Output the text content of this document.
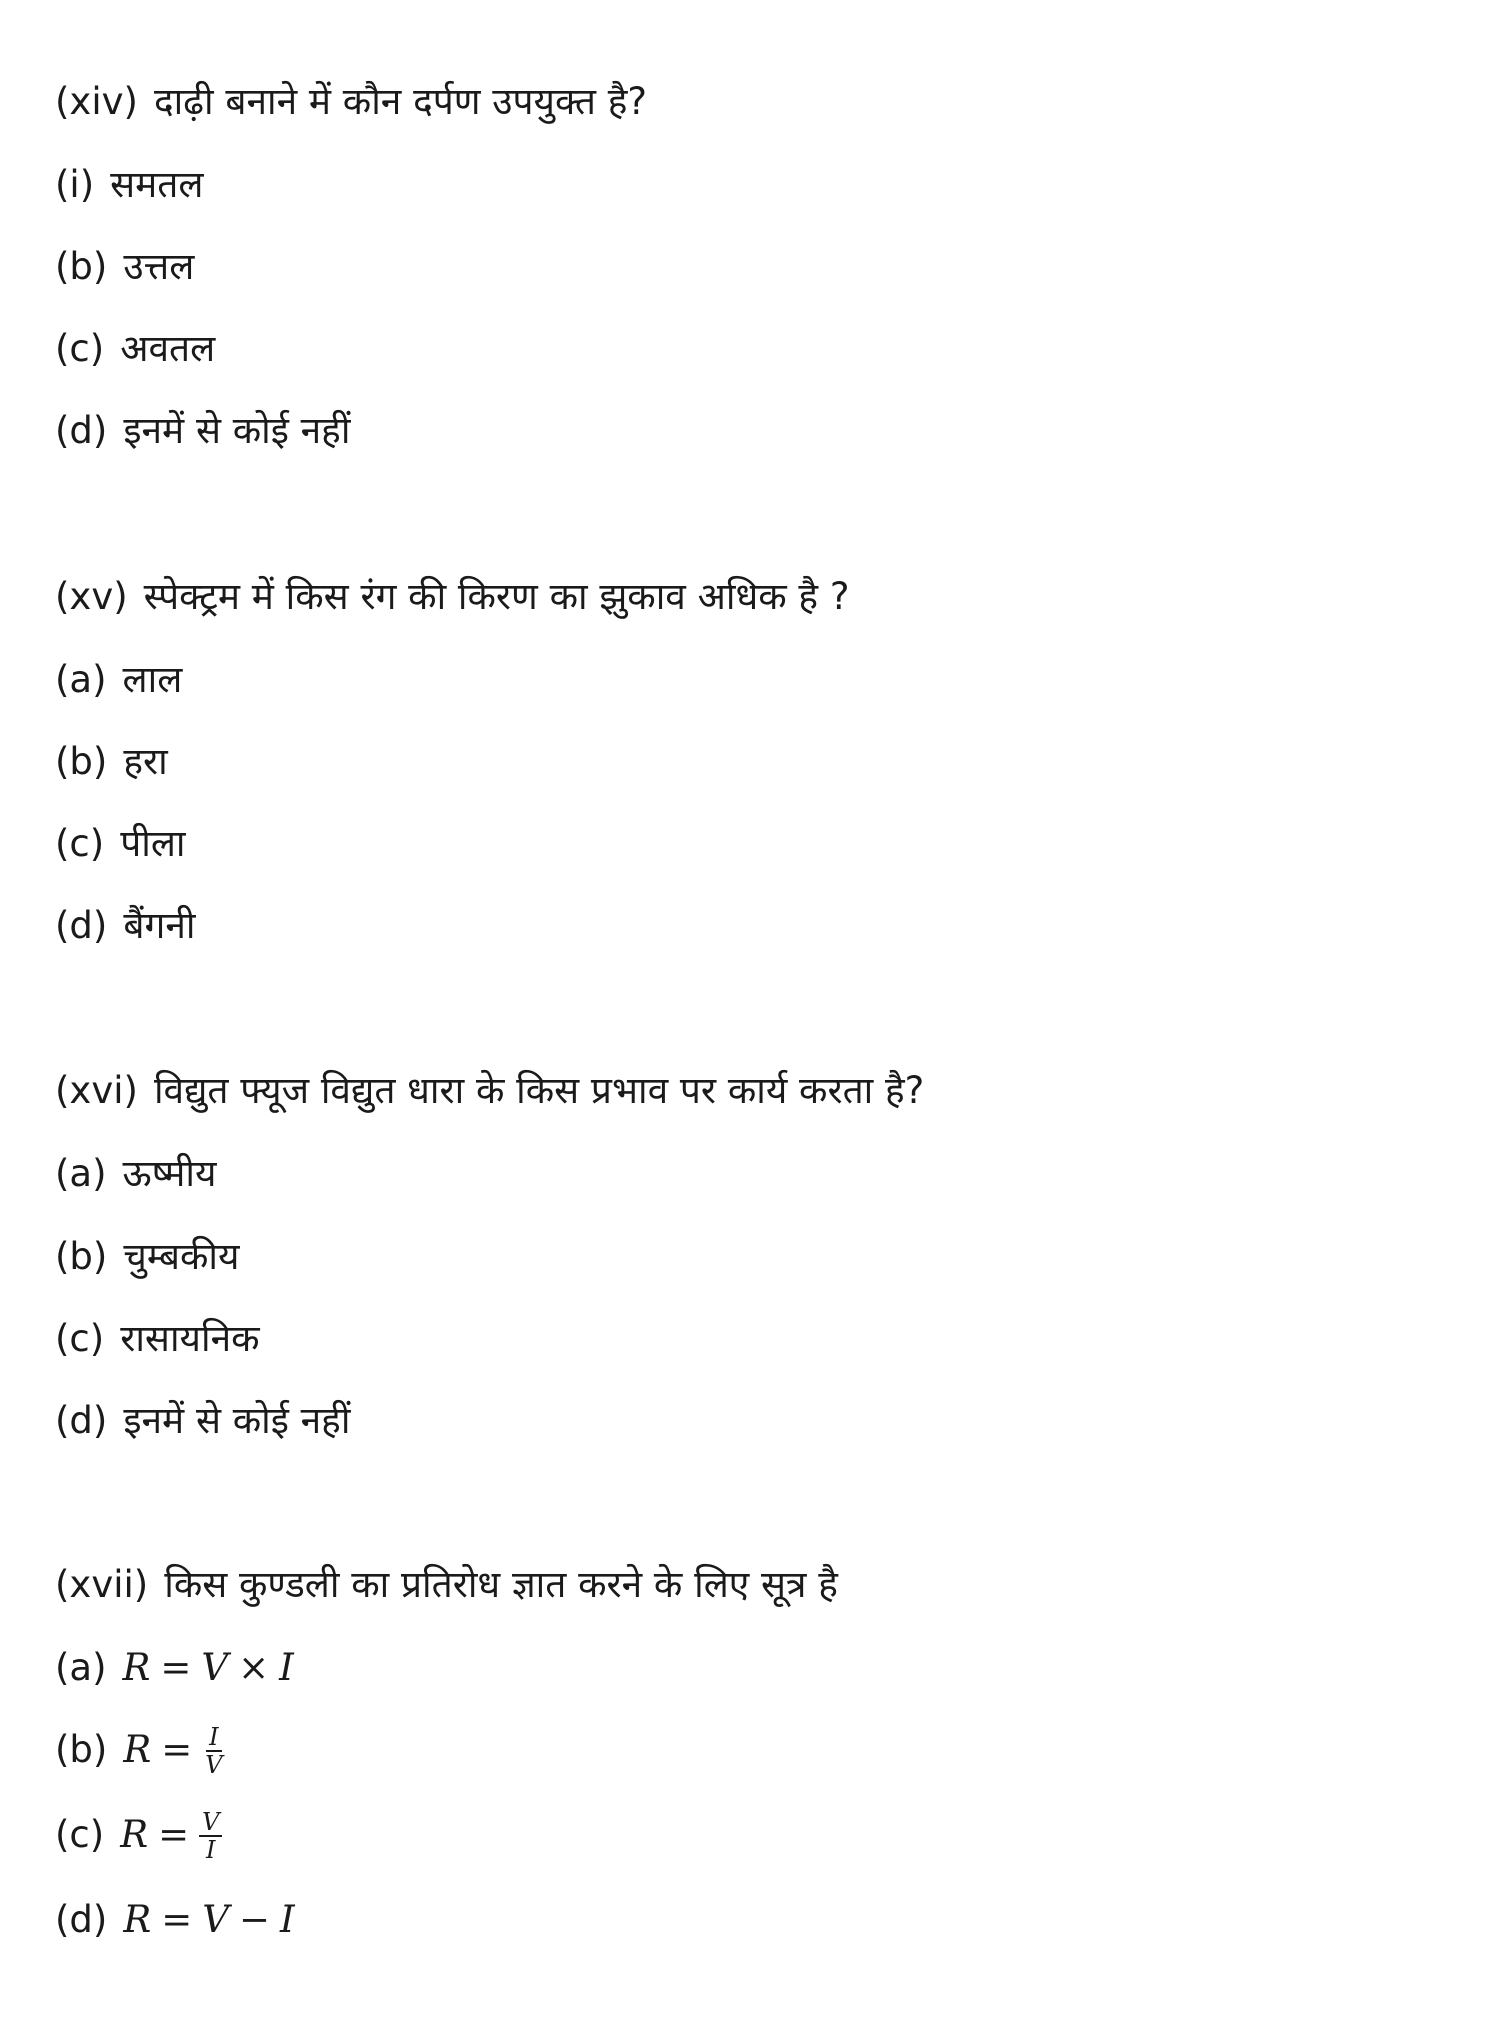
(xiv) दाढ़ी बनाने में कौन दर्पण उपयुक्त है?
(i) समतल
(b) उत्तल
(c) अवतल
(d) इनमें से कोई नहीं
(xv) स्पेक्ट्रम में किस रंग की किरण का झुकाव अधिक है ?
(a) लाल
(b) हरा
(c) पीला
(d) बैंगनी
(xvi) विद्युत फ्यूज विद्युत धारा के किस प्रभाव पर कार्य करता है?
(a) ऊष्मीय
(b) चुम्बकीय
(c) रासायनिक
(d) इनमें से कोई नहीं
(xvii) किस कुण्डली का प्रतिरोध ज्ञात करने के लिए सूत्र है
(a) R = V × I
(b) $R = \frac{I}{V}$
(c) $R = \frac{V}{I}$
(d) R = V − I
